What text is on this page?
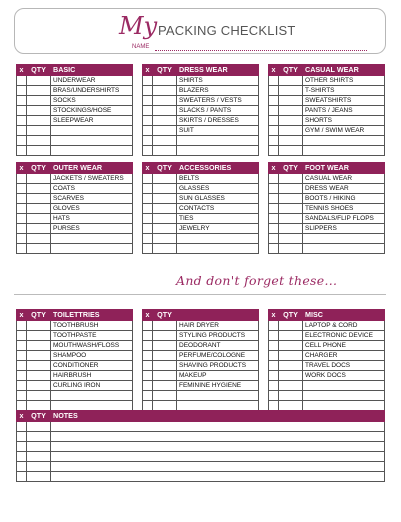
My PACKING CHECKLIST
NAME
And don't forget these...
x	QTY	BASIC
		UNDERWEAR
		BRAS/UNDERSHIRTS
		SOCKS
		STOCKINGS/HOSE
		SLEEPWEAR

x	QTY	DRESS WEAR
		SHIRTS
		BLAZERS
		SWEATERS / VESTS
		SLACKS / PANTS
		SKIRTS / DRESSES
		SUIT

x	QTY	CASUAL WEAR
		OTHER SHIRTS
		T-SHIRTS
		SWEATSHIRTS
		PANTS / JEANS
		SHORTS
		GYM / SWIM WEAR

x	QTY	OUTER WEAR
		JACKETS / SWEATERS
		COATS
		SCARVES
		GLOVES
		HATS
		PURSES

x	QTY	ACCESSORIES
		BELTS
		GLASSES
		SUN GLASSES
		CONTACTS
		TIES
		JEWELRY

x	QTY	FOOT WEAR
		CASUAL WEAR
		DRESS WEAR
		BOOTS / HIKING
		TENNIS SHOES
		SANDALS/FLIP FLOPS
		SLIPPERS

x	QTY	TOILETTRIES
		TOOTHBRUSH
		TOOTHPASTE
		MOUTHWASH/FLOSS
		SHAMPOO
		CONDITIONER
		HAIRBRUSH
		CURLING IRON

x	QTY	
		HAIR DRYER
		STYLING PRODUCTS
		DEODORANT
		PERFUME/COLOGNE
		SHAVING PRODUCTS
		MAKEUP
		FEMININE HYGIENE

x	QTY	MISC
		LAPTOP & CORD
		ELECTRONIC DEVICE
		CELL PHONE
		CHARGER
		TRAVEL DOCS
		WORK DOCS

x	QTY	NOTES
